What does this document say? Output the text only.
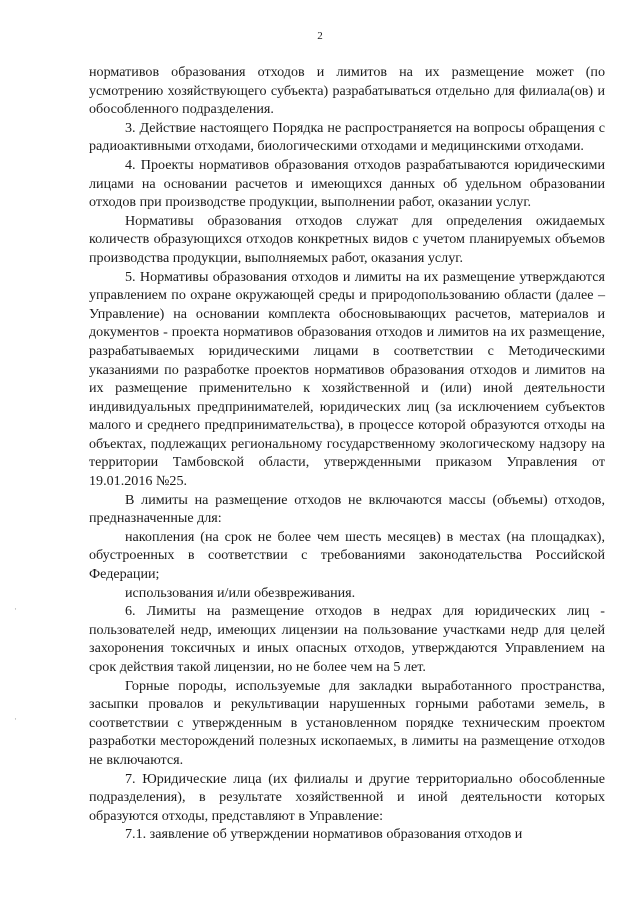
2

нормативов образования отходов и лимитов на их размещение может (по усмотрению хозяйствующего субъекта) разрабатываться отдельно для филиала(ов) и обособленного подразделения.

3. Действие настоящего Порядка не распространяется на вопросы обращения с радиоактивными отходами, биологическими отходами и медицинскими отходами.

4. Проекты нормативов образования отходов разрабатываются юридическими лицами на основании расчетов и имеющихся данных об удельном образовании отходов при производстве продукции, выполнении работ, оказании услуг.

Нормативы образования отходов служат для определения ожидаемых количеств образующихся отходов конкретных видов с учетом планируемых объемов производства продукции, выполняемых работ, оказания услуг.

5. Нормативы образования отходов и лимиты на их размещение утверждаются управлением по охране окружающей среды и природопользованию области (далее – Управление) на основании комплекта обосновывающих расчетов, материалов и документов - проекта нормативов образования отходов и лимитов на их размещение, разрабатываемых юридическими лицами в соответствии с Методическими указаниями по разработке проектов нормативов образования отходов и лимитов на их размещение применительно к хозяйственной и (или) иной деятельности индивидуальных предпринимателей, юридических лиц (за исключением субъектов малого и среднего предпринимательства), в процессе которой образуются отходы на объектах, подлежащих региональному государственному экологическому надзору на территории Тамбовской области, утвержденными приказом Управления от 19.01.2016 №25.

В лимиты на размещение отходов не включаются массы (объемы) отходов, предназначенные для:

накопления (на срок не более чем шесть месяцев) в местах (на площадках), обустроенных в соответствии с требованиями законодательства Российской Федерации;

использования и/или обезвреживания.

6. Лимиты на размещение отходов в недрах для юридических лиц - пользователей недр, имеющих лицензии на пользование участками недр для целей захоронения токсичных и иных опасных отходов, утверждаются Управлением на срок действия такой лицензии, но не более чем на 5 лет.

Горные породы, используемые для закладки выработанного пространства, засыпки провалов и рекультивации нарушенных горными работами земель, в соответствии с утвержденным в установленном порядке техническим проектом разработки месторождений полезных ископаемых, в лимиты на размещение отходов не включаются.

7. Юридические лица (их филиалы и другие территориально обособленные подразделения), в результате хозяйственной и иной деятельности которых образуются отходы, представляют в Управление:

7.1. заявление об утверждении нормативов образования отходов и

·
·
